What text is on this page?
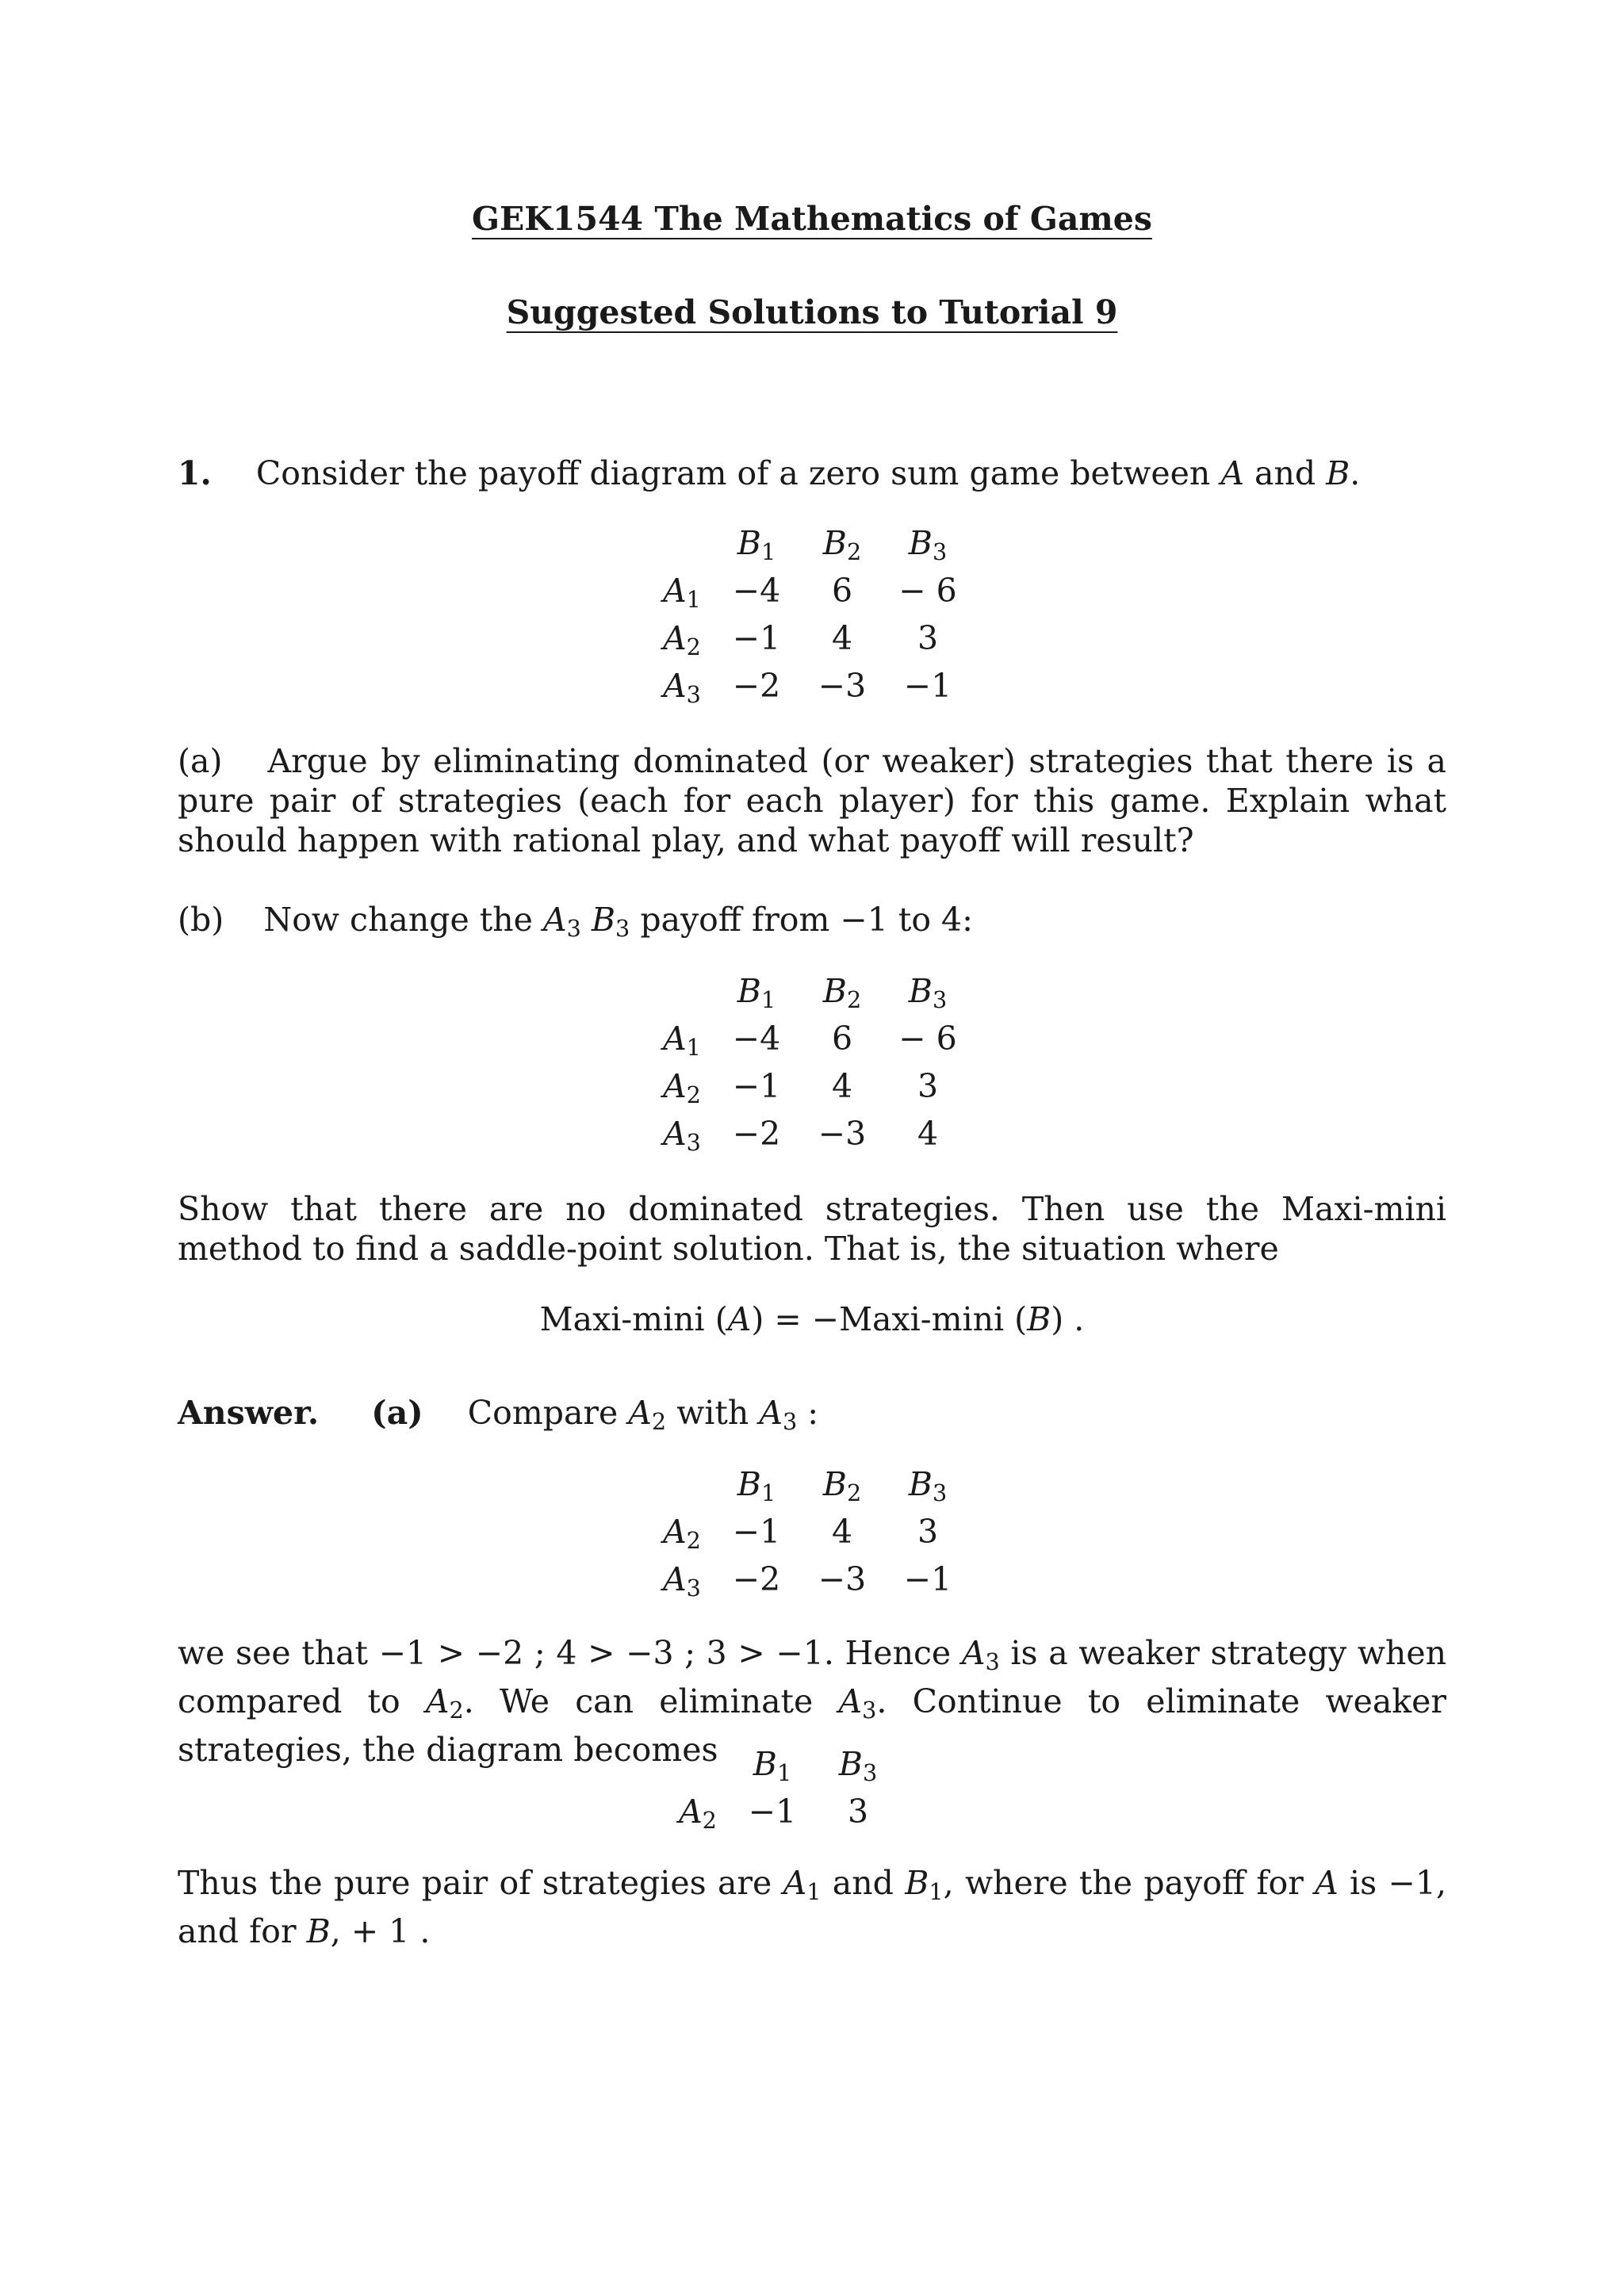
GEK1544 The Mathematics of Games
Suggested Solutions to Tutorial 9
1. Consider the payoff diagram of a zero sum game between A and B.
$B_1$	$B_2$	$B_3$
$A_1 -4$	6	− 6
$A_2 -1$	4	3
$A_3 -2$	−3	−1
$B_1$	$B_2$	$B_3$
$A_1 -4$	6	− 6
$A_2 -1$	4	3
$A_3 -2$	−3	4
$B_1$	$B_2$	$B_3$
$A_2 -1$	4	3
$A_3 -2$	−3	−1
$B_1$	$B_3$
$A_2 -1$	3
(a) Argue by eliminating dominated (or weaker) strategies that there is a pure pair of strategies (each for each player) for this game. Explain what should happen with rational play, and what payoff will result?
(b) Now change the $A_3$ $B_3$ payoff from −1 to 4:
Show that there are no dominated strategies. Then use the Maxi-mini method to find a saddle-point solution. That is, the situation where
Maxi-mini (A) = −Maxi-mini (B) .
Answer. (a) Compare $A_2$ with $A_3$ :
we see that −1 > −2 ; 4 > −3 ; 3 > −1. Hence $A_3$ is a weaker strategy when compared to $A_2$. We can eliminate $A_3$. Continue to eliminate weaker strategies, the diagram becomes
Thus the pure pair of strategies are $A_1$ and $B_1$, where the payoff for A is −1, and for B, + 1 .
